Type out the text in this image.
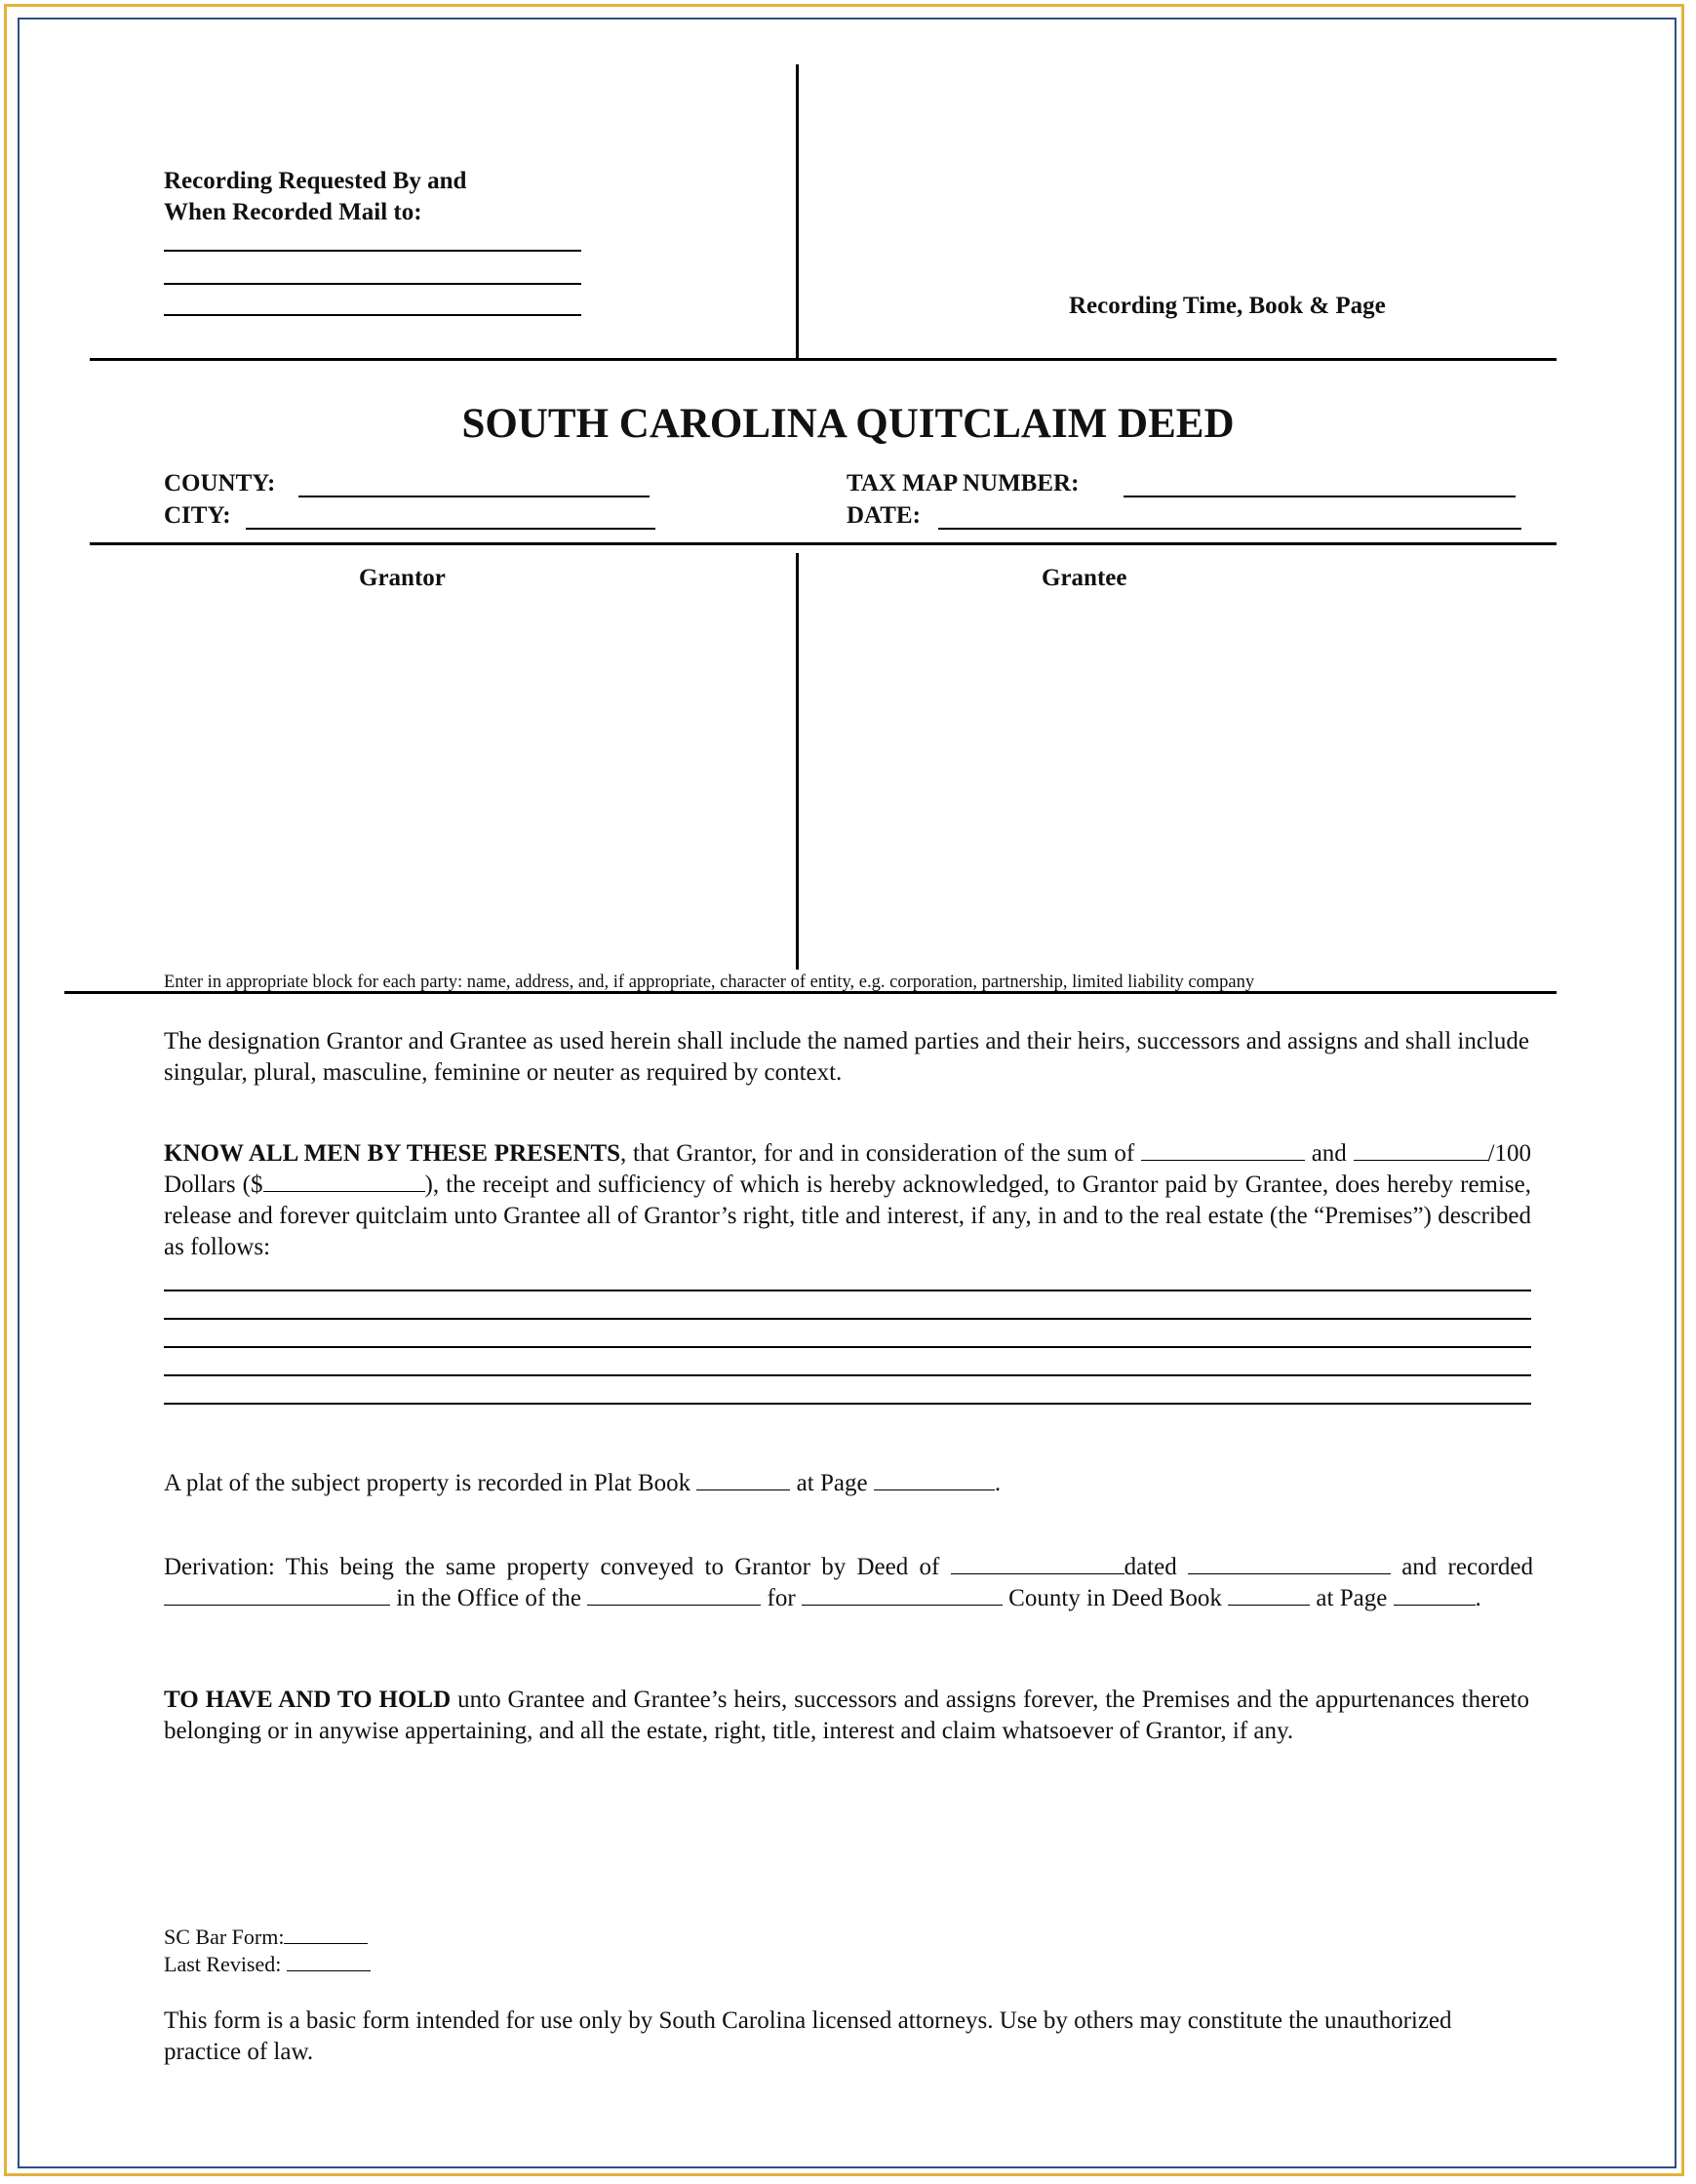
Recording Requested By and
When Recorded Mail to:
Recording Time, Book & Page
SOUTH CAROLINA QUITCLAIM DEED
COUNTY:
CITY:
TAX MAP NUMBER:
DATE:
Grantor	Grantee
Enter in appropriate block for each party: name, address, and, if appropriate, character of entity, e.g. corporation, partnership, limited liability company

The designation Grantor and Grantee as used herein shall include the named parties and their heirs, successors and assigns and shall include singular, plural, masculine, feminine or neuter as required by context.

KNOW ALL MEN BY THESE PRESENTS, that Grantor, for and in consideration of the sum of	and	/100 Dollars ($	), the receipt and sufficiency of which is hereby acknowledged, to Grantor paid by Grantee, does hereby remise, release and forever quitclaim unto Grantee all of Grantor’s right, title and interest, if any, in and to the real estate (the “Premises”) described as follows:

A plat of the subject property is recorded in Plat Book	at Page	.

Derivation: This being the same property conveyed to Grantor by Deed of	dated	and recorded  in the Office of the	for	County in Deed Book	at Page	.

TO HAVE AND TO HOLD unto Grantee and Grantee’s heirs, successors and assigns forever, the Premises and the appurtenances thereto belonging or in anywise appertaining, and all the estate, right, title, interest and claim whatsoever of Grantor, if any.

SC Bar Form:
Last Revised:

This form is a basic form intended for use only by South Carolina licensed attorneys. Use by others may constitute the unauthorized practice of law.
